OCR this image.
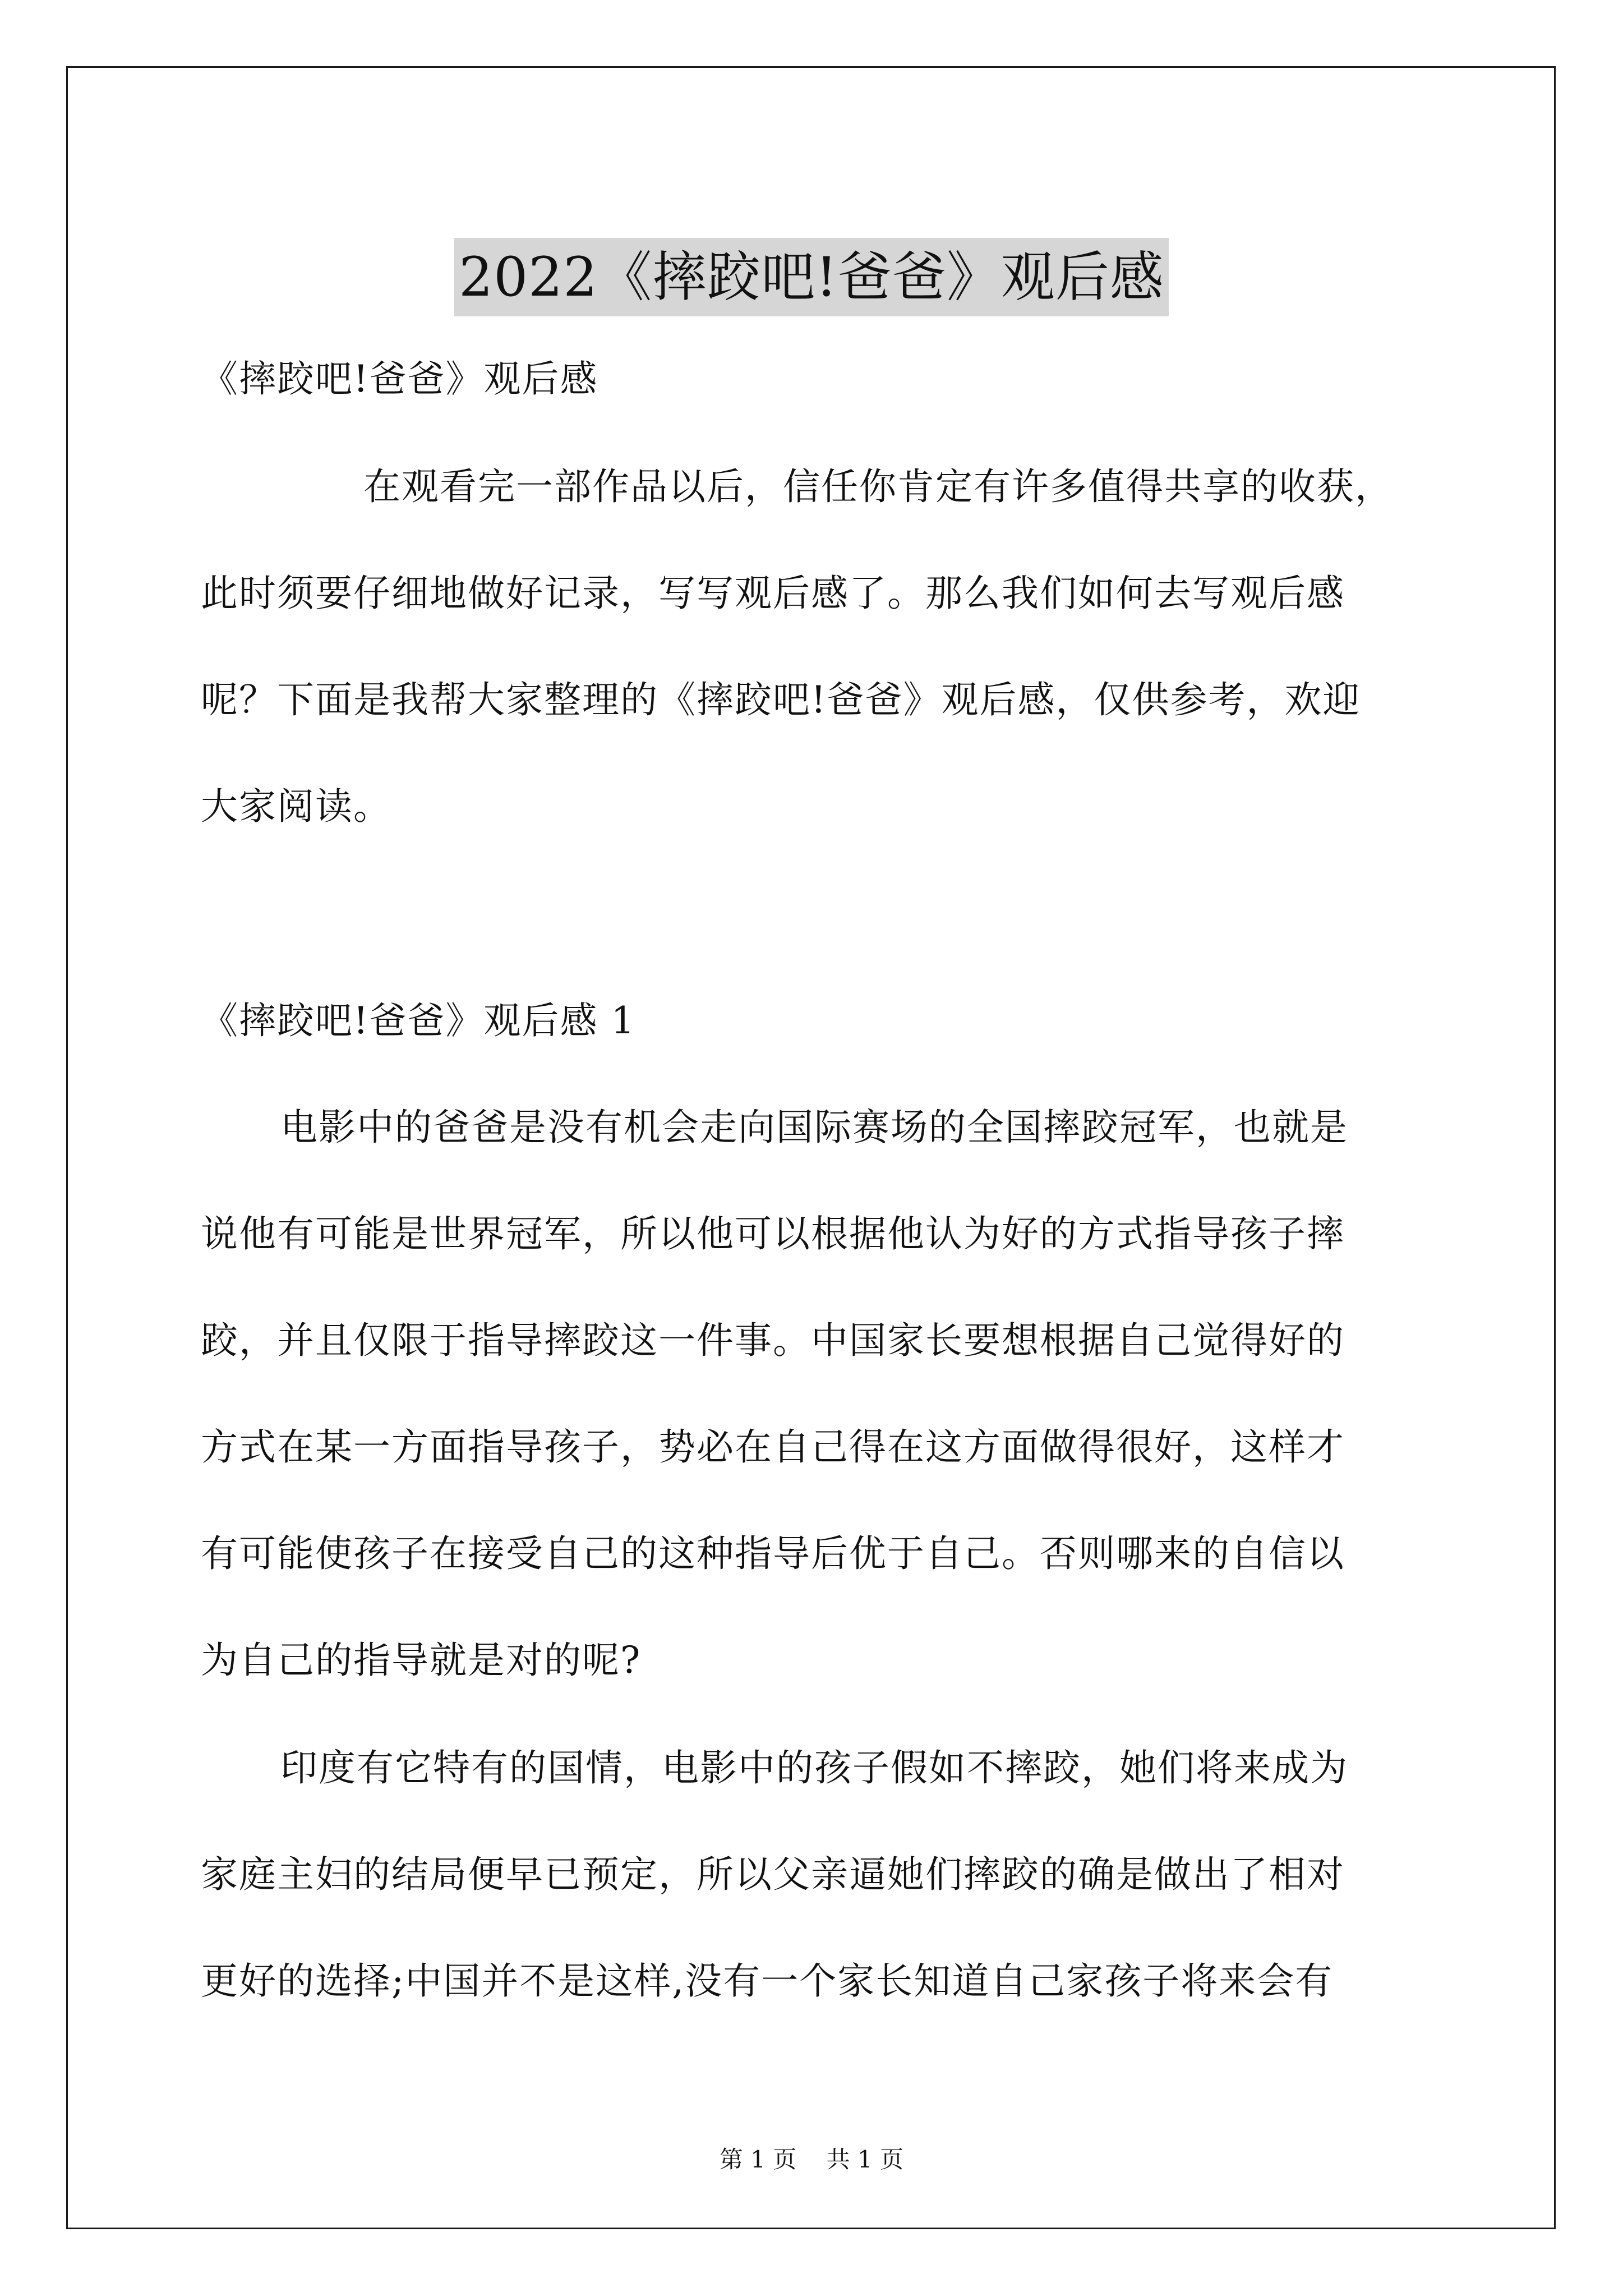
2022《摔跤吧!爸爸》观后感
《摔跤吧!爸爸》观后感
在观看完一部作品以后，信任你肯定有许多值得共享的收获，
此时须要仔细地做好记录，写写观后感了。那么我们如何去写观后感
呢？下面是我帮大家整理的《摔跤吧!爸爸》观后感，仅供参考，欢迎
大家阅读。
《摔跤吧!爸爸》观后感 1
电影中的爸爸是没有机会走向国际赛场的全国摔跤冠军，也就是
说他有可能是世界冠军，所以他可以根据他认为好的方式指导孩子摔
跤，并且仅限于指导摔跤这一件事。中国家长要想根据自己觉得好的
方式在某一方面指导孩子，势必在自己得在这方面做得很好，这样才
有可能使孩子在接受自己的这种指导后优于自己。否则哪来的自信以
为自己的指导就是对的呢?
印度有它特有的国情，电影中的孩子假如不摔跤，她们将来成为
家庭主妇的结局便早已预定，所以父亲逼她们摔跤的确是做出了相对
更好的选择;中国并不是这样,没有一个家长知道自己家孩子将来会有
第 1 页 共 1 页
